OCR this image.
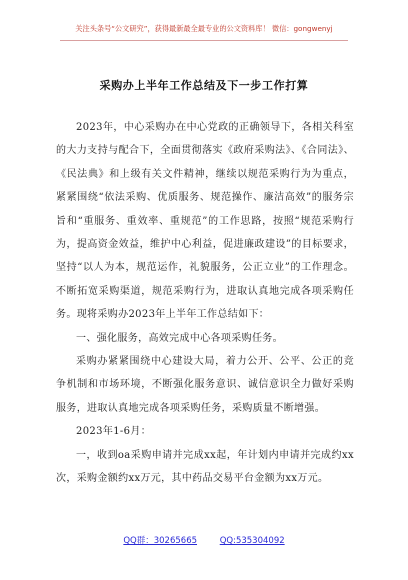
关注头条号“公文研究”，获得最新最全最专业的公文资料库！ 微信：gongwenyj
采购办上半年工作总结及下一步工作打算

2023年，中心采购办在中心党政的正确领导下，各相关科室的大力支持与配合下，全面贯彻落实《政府采购法》、《合同法》、《民法典》和上级有关文件精神，继续以规范采购行为为重点，紧紧围绕“依法采购、优质服务、规范操作、廉洁高效”的服务宗旨和“重服务、重效率、重规范”的工作思路，按照“规范采购行为，提高资金效益，维护中心利益，促进廉政建设”的目标要求，坚持“以人为本，规范运作，礼貌服务，公正立业”的工作理念。不断拓宽采购渠道，规范采购行为，进取认真地完成各项采购任务。现将采购办2023年上半年工作总结如下：

一、强化服务，高效完成中心各项采购任务。

采购办紧紧围绕中心建设大局，着力公开、公平、公正的竞争机制和市场环境，不断强化服务意识、诚信意识全力做好采购服务，进取认真地完成各项采购任务，采购质量不断增强。

2023年1-6月：

一，收到oa采购申请并完成xx起，年计划内申请并完成约xx次，采购金额约xx万元，其中药品交易平台金额为xx万元。

QQ群：30265665	QQ:535304092
